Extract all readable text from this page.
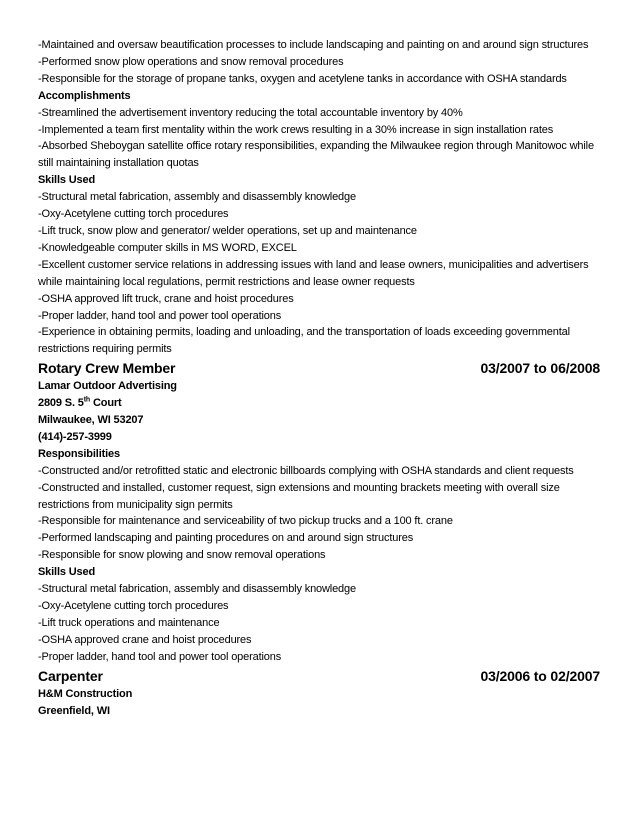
-Maintained and oversaw beautification processes to include landscaping and painting on and around sign structures

-Performed snow plow operations and snow removal procedures

-Responsible for the storage of propane tanks, oxygen and acetylene tanks in accordance with OSHA standards

Accomplishments

-Streamlined the advertisement inventory reducing the total accountable inventory by 40%

-Implemented a team first mentality within the work crews resulting in a 30% increase in sign installation rates

-Absorbed Sheboygan satellite office rotary responsibilities, expanding the Milwaukee region through Manitowoc while still maintaining installation quotas

Skills Used

-Structural metal fabrication, assembly and disassembly knowledge

-Oxy-Acetylene cutting torch procedures

-Lift truck, snow plow and generator/ welder operations, set up and maintenance

-Knowledgeable computer skills in MS WORD, EXCEL

-Excellent customer service relations in addressing issues with land and lease owners, municipalities and advertisers while maintaining local regulations, permit restrictions and lease owner requests

-OSHA approved lift truck, crane and hoist procedures

-Proper ladder, hand tool and power tool operations

-Experience in obtaining permits, loading and unloading, and the transportation of loads exceeding governmental restrictions requiring permits

Rotary Crew Member	03/2007 to 06/2008

Lamar Outdoor Advertising

2809 S. 5th Court

Milwaukee, WI 53207

(414)-257-3999

Responsibilities

-Constructed and/or retrofitted static and electronic billboards complying with OSHA standards and client requests

-Constructed and installed, customer request, sign extensions and mounting brackets meeting with overall size restrictions from municipality sign permits

-Responsible for maintenance and serviceability of two pickup trucks and a 100 ft. crane

-Performed landscaping and painting procedures on and around sign structures

-Responsible for snow plowing and snow removal operations

Skills Used

-Structural metal fabrication, assembly and disassembly knowledge

-Oxy-Acetylene cutting torch procedures

-Lift truck operations and maintenance

-OSHA approved crane and hoist procedures

-Proper ladder, hand tool and power tool operations

Carpenter	03/2006 to 02/2007

H&M Construction

Greenfield, WI
